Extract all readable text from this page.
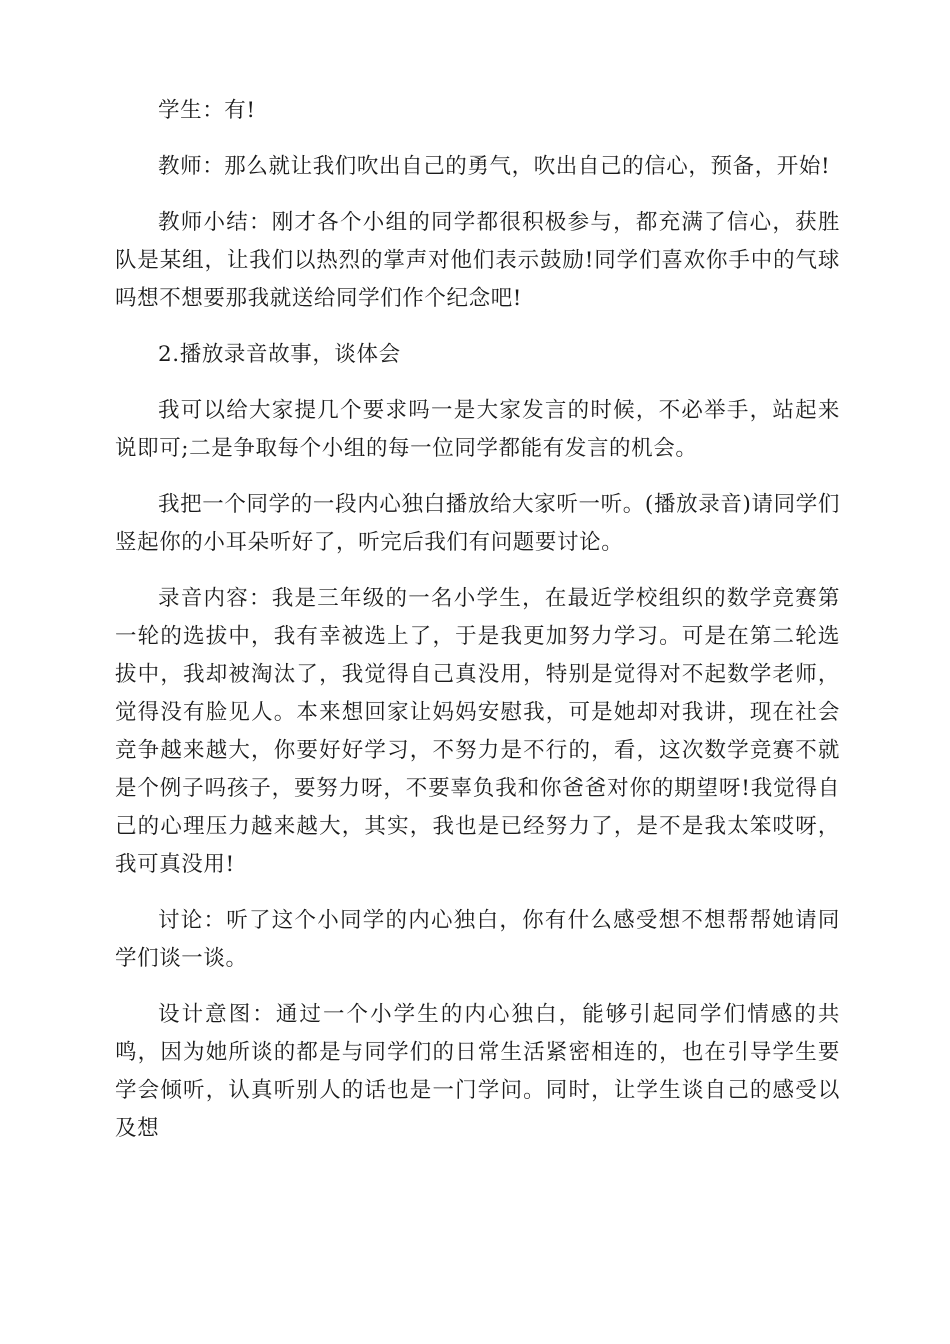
学生：有!

教师：那么就让我们吹出自己的勇气，吹出自己的信心，预备，开始!

教师小结：刚才各个小组的同学都很积极参与，都充满了信心，获胜队是某组，让我们以热烈的掌声对他们表示鼓励!同学们喜欢你手中的气球吗想不想要那我就送给同学们作个纪念吧!

2.播放录音故事，谈体会

我可以给大家提几个要求吗一是大家发言的时候，不必举手，站起来说即可;二是争取每个小组的每一位同学都能有发言的机会。

我把一个同学的一段内心独白播放给大家听一听。(播放录音)请同学们竖起你的小耳朵听好了，听完后我们有问题要讨论。

录音内容：我是三年级的一名小学生，在最近学校组织的数学竞赛第一轮的选拔中，我有幸被选上了，于是我更加努力学习。可是在第二轮选拔中，我却被淘汰了，我觉得自己真没用，特别是觉得对不起数学老师，觉得没有脸见人。本来想回家让妈妈安慰我，可是她却对我讲，现在社会竞争越来越大，你要好好学习，不努力是不行的，看，这次数学竞赛不就是个例子吗孩子，要努力呀，不要辜负我和你爸爸对你的期望呀!我觉得自己的心理压力越来越大，其实，我也是已经努力了，是不是我太笨哎呀，我可真没用!

讨论：听了这个小同学的内心独白，你有什么感受想不想帮帮她请同学们谈一谈。

设计意图：通过一个小学生的内心独白，能够引起同学们情感的共鸣，因为她所谈的都是与同学们的日常生活紧密相连的，也在引导学生要学会倾听，认真听别人的话也是一门学问。同时，让学生谈自己的感受以及想
